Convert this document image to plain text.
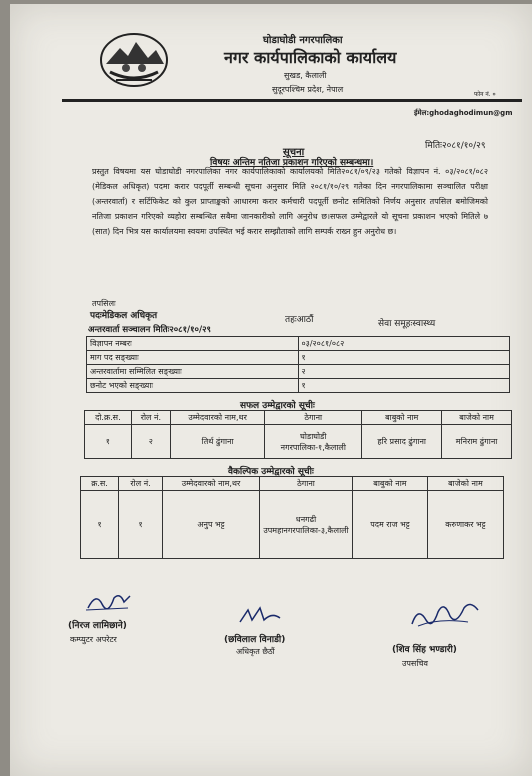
घोडाघोडी नगरपालिका
नगर कार्यपालिकाको कार्यालय
सुखड, कैलाली
सुदूरपश्चिम प्रदेश, नेपाल
फोन नं. ०
ईमेल:ghodaghodimun@gm
मितिः२०८१/१०/२९
सूचना
विषयः अन्तिम नतिजा प्रकाशन गरिएको सम्बन्धमा।
प्रस्तुत विषयमा यस घोडाघोडी नगरपालिका नगर कार्यपालिकाको कार्यालयको मिति२०८१/०९/२३ गतेको विज्ञापन नं. ०३/२०८१/०८२ (मेडिकल अधिकृत) पदमा करार पदपूर्ती सम्बन्धी सूचना अनुसार मिति २०८१/१०/२९ गतेका दिन नगरपालिकामा सञ्चालित परीक्षा (अन्तरवार्ता) र सर्टिफिकेट को कुल प्राप्ताङ्कको आधारमा करार कर्मचारी पदपूर्ती छनोट समितिको निर्णय अनुसार तपसिल बमोजिमको नतिजा प्रकाशन गरिएको व्यहोरा सम्बन्धित सबैमा जानकारीको लागि अनुरोध छ।सफल उम्मेद्वारले यो सूचना प्रकाशन भएको मितिले ७ (सात) दिन भित्र यस कार्यालयमा स्वयमः उपस्थित भई करार सम्झौताको लागि सम्पर्क राख्न हुन अनुरोध छ।
तपसिलः
पदःमेडिकल अधिकृत	तहःआठौं	सेवा समूहःस्वास्थ्य
अन्तरवार्ता सञ्चालन मितिः२०८१/१०/२९
विज्ञापन नम्बरः	०३/२०८१/०८२
माग पद सङ्ख्याः	१
अन्तरवार्तामा सम्मिलित सङ्ख्याः	२
छनोट भएको सङ्ख्याः	१
सफल उम्मेद्वारको सूचीः
दो.क्र.स.	रोल नं.	उम्मेदवारको नाम,थर	ठेगाना	बाबुको नाम	बाजेको नाम
१	२	तिर्थ ढुंगाना	घोडाघोडी नगरपालिका-१,कैलाली	हरि प्रसाद ढुंगाना	मनिराम ढुंगाना
वैकल्पिक उम्मेद्वारको सूचीः
क्र.स.	रोल नं.	उम्मेदवारको नाम,थर	ठेगाना	बाबुको नाम	बाजेको नाम
१	१	अनुप भट्ट	धनगढी उपमहानगरपालिका-३,कैलाली	पदम राज भट्ट	करुणाकर भट्ट
(निरज लामिछाने)
कम्प्युटर अपरेटर	(छविलाल विनाडी)
अधिकृत छैठौं	(शिव सिंह भण्डारी)
उपसचिव
